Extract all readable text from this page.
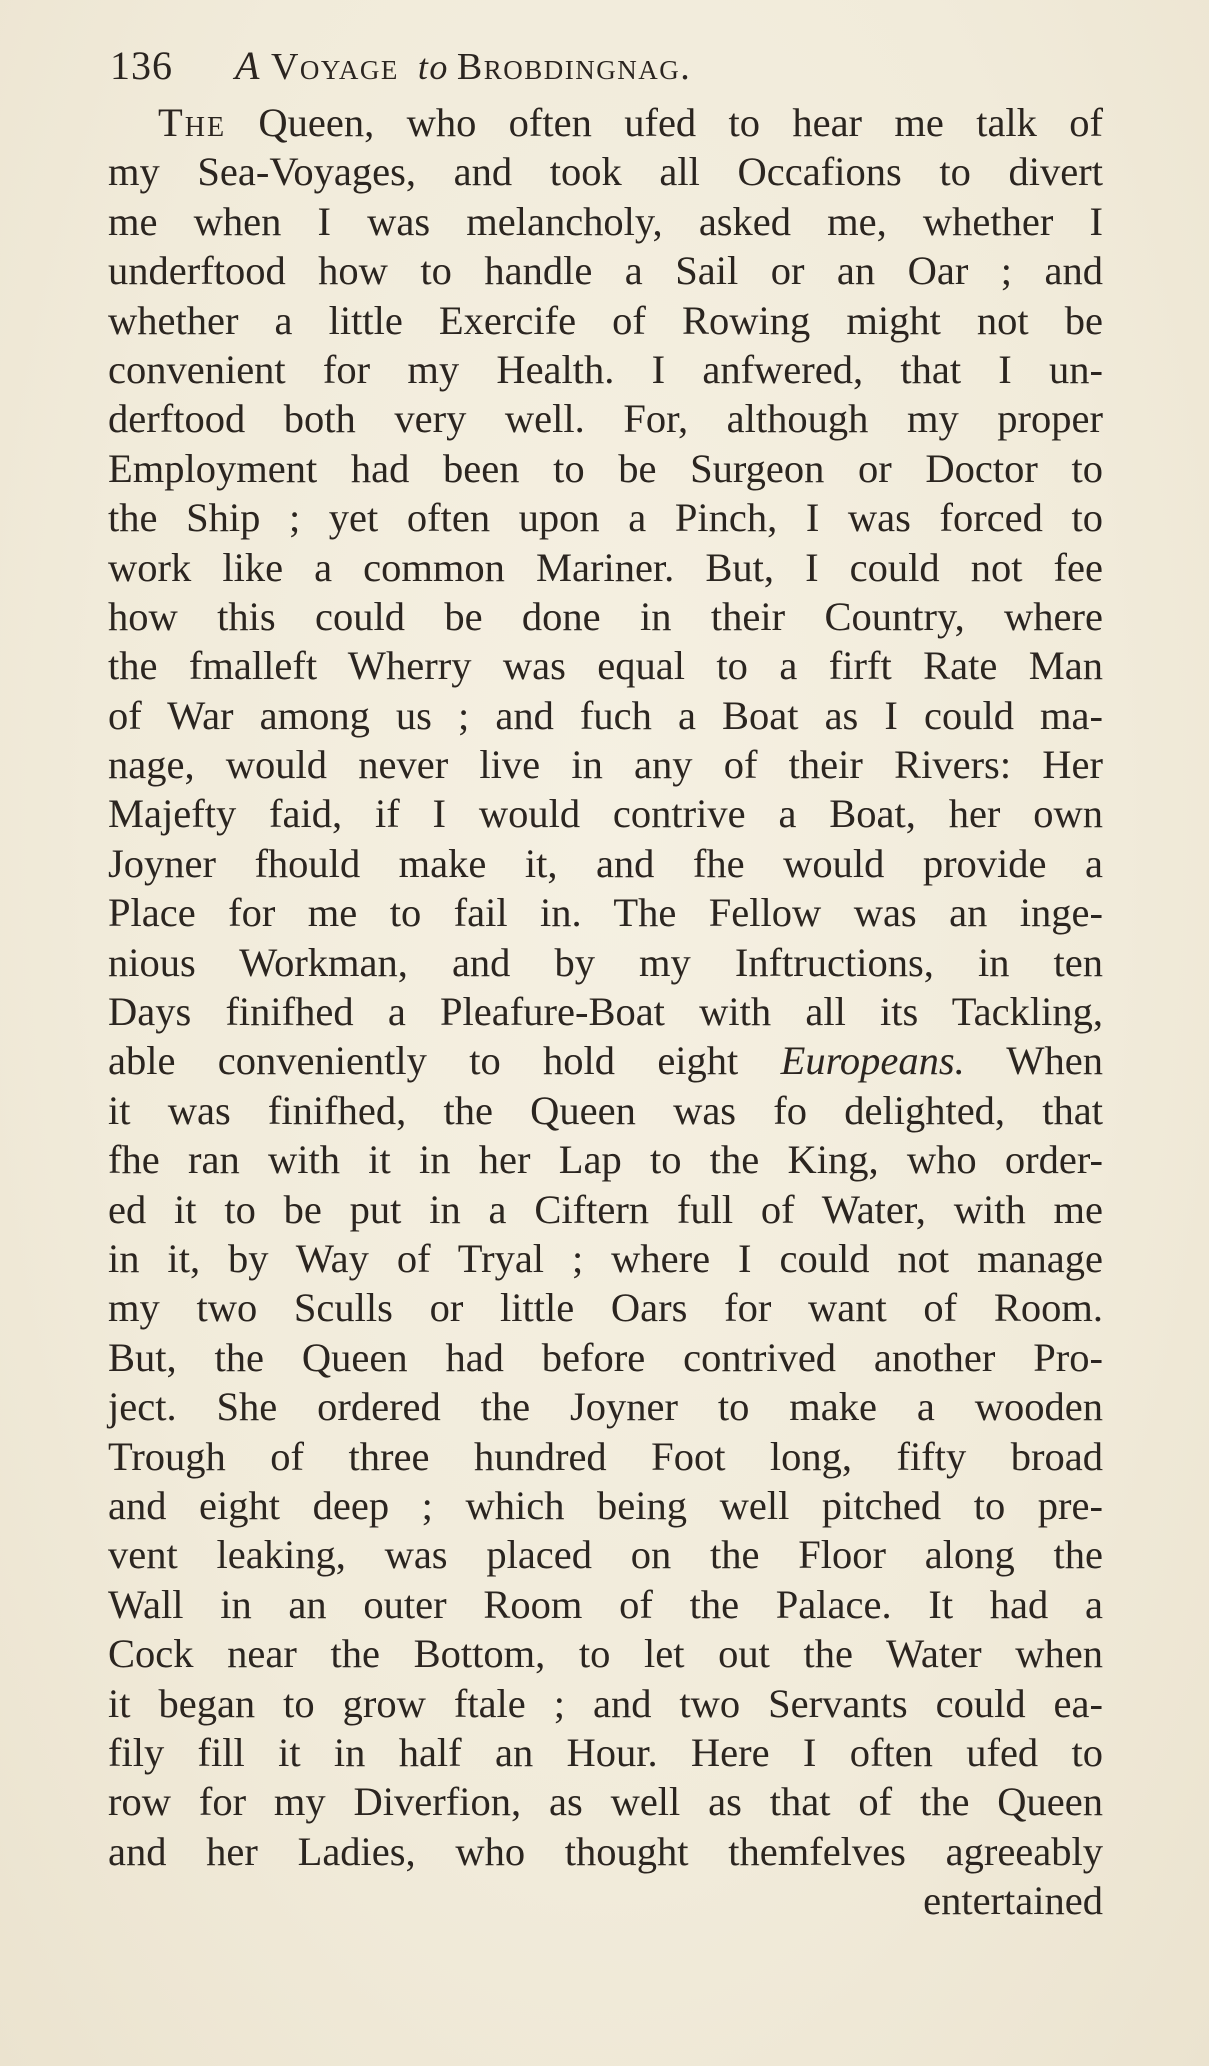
136 A Voyage to Brobdingnag.
The Queen, who often ufed to hear me talk of
my Sea-Voyages, and took all Occafions to divert
me when I was melancholy, asked me, whether I
underftood how to handle a Sail or an Oar ; and
whether a little Exercife of Rowing might not be
convenient for my Health. I anfwered, that I un-
derftood both very well. For, although my proper
Employment had been to be Surgeon or Doctor to
the Ship ; yet often upon a Pinch, I was forced to
work like a common Mariner. But, I could not fee
how this could be done in their Country, where
the fmalleft Wherry was equal to a firft Rate Man
of War among us ; and fuch a Boat as I could ma-
nage, would never live in any of their Rivers: Her
Majefty faid, if I would contrive a Boat, her own
Joyner fhould make it, and fhe would provide a
Place for me to fail in. The Fellow was an inge-
nious Workman, and by my Inftructions, in ten
Days finifhed a Pleafure-Boat with all its Tackling,
able conveniently to hold eight Europeans. When
it was finifhed, the Queen was fo delighted, that
fhe ran with it in her Lap to the King, who order-
ed it to be put in a Ciftern full of Water, with me
in it, by Way of Tryal ; where I could not manage
my two Sculls or little Oars for want of Room.
But, the Queen had before contrived another Pro-
ject. She ordered the Joyner to make a wooden
Trough of three hundred Foot long, fifty broad
and eight deep ; which being well pitched to pre-
vent leaking, was placed on the Floor along the
Wall in an outer Room of the Palace. It had a
Cock near the Bottom, to let out the Water when
it began to grow ftale ; and two Servants could ea-
fily fill it in half an Hour. Here I often ufed to
row for my Diverfion, as well as that of the Queen
and her Ladies, who thought themfelves agreeably
entertained
